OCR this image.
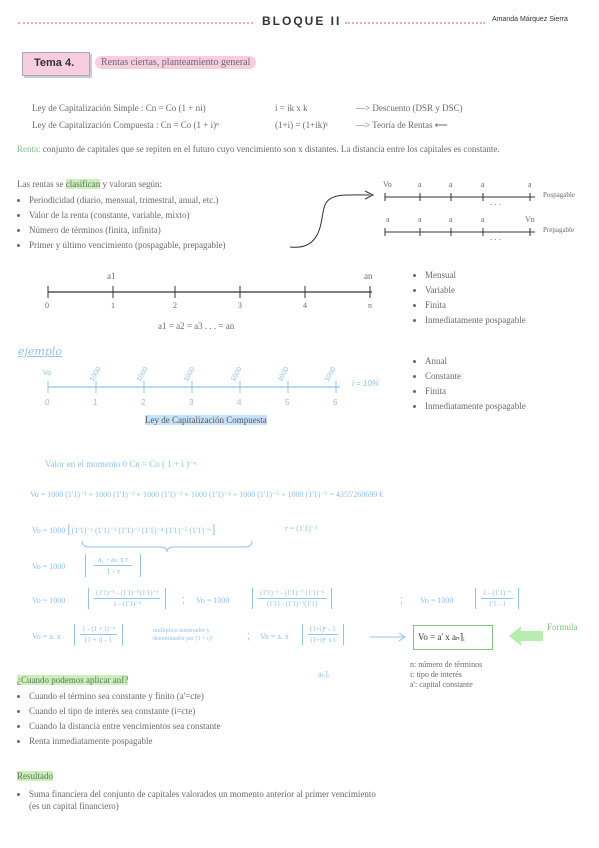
BLOQUE II	Amanda Márquez Sierra
Tema 4.	Rentas ciertas, planteamiento general
Ley de Capitalización Simple : Cn = Co (1 + ni)	i = ik x k	—> Descuento (DSR y DSC)
Ley de Capitalización Compuesta : Cn = Co (1 + i)ⁿ	(1+i) = (1+ik)ᵏ	—> Teoría de Rentas ⟵
Renta: conjunto de capitales que se repiten en el futuro cuyo vencimiento son x distantes. La distancia entre los capitales es constante.
Las rentas se clasifican y valoran según:
• Periodicidad (diario, mensual, trimestral, anual, etc.)
• Valor de la renta (constante, variable, mixto)
• Número de términos (finita, infinita)
• Primer y último vencimiento (pospagable, prepagable)
Vo	a	a	a	a
. . .
Pospagable
a	a	a	a	Vn
. . .
Prepagable
a1	an
0	1	2	3	4	n
a1 = a2 = a3 . . . = an
• Mensual
• Variable
• Finita
• Inmediatamente pospagable
ejemplo
1000	1000	1000	1000	1000	1000
Vo
0	1	2	3	4	5	6
i = 10%
Ley de Capitalización Compuesta
• Anual
• Constante
• Finita
• Inmediatamente pospagable
Valor en el momento 0 Cn = Co ( 1 + i )⁻ⁿ
Vo = 1000 (1'1)⁻¹ + 1000 (1'1)⁻² + 1000 (1'1)⁻³ + 1000 (1'1)⁻⁴ + 1000 (1'1)⁻⁵ + 1000 (1'1)⁻⁶ = 4355'260699 €
Vo = 1000 [(1'1)⁻¹ (1'1)⁻² (1'1)⁻³ (1'1)⁻⁴ (1'1)⁻⁵ (1'1)⁻⁶]	r = (1'1)⁻¹
$Vo = 1000 \frac{\text{a₁ - aₙ x r}}{1 - r}$
Vo = 1000	$\frac{\text{(1'1)⁻¹ - (1'1)⁻⁶(1'1)⁻¹}}{\text{1 - (1'1)⁻¹}}$ ; Vo = 1000	$\frac{\text{(1'1)⁻¹ - (1'1)⁻⁷ (1'1)⁻¹}}{\text{(1'1) - (1'1)⁻¹(1'1)}}$	; Vo = 1000	$\frac{\text{1 - (1'1)⁻⁶}}{1'1 - 1}$
Vo = a. x $\frac{\text{1 - (1 + i)⁻ⁿ}}{(1 + i) - 1}$	multiplico numerador y denominador por (1 + i)ⁿ	; Vo = a. x $\frac{\text{(1+i)ⁿ - 1}}{\text{(1+i)ⁿ x i}}$	Vo = a' x aₙ⌉ᵢ
Formula
aₙ⌉ᵢ
n: número de términos
i: tipo de interés
a': capital constante
¿Cuando podemos aplicar anI?
• Cuando el término sea constante y finito (a'=cte)
• Cuando el tipo de interés sea constante (i=cte)
• Cuando la distancia entre vencimientos sea constante
• Renta inmediatamente pospagable
Resultado
• Suma financiera del conjunto de capitales valorados un momento anterior al primer vencimiento
(es un capital financiero)
